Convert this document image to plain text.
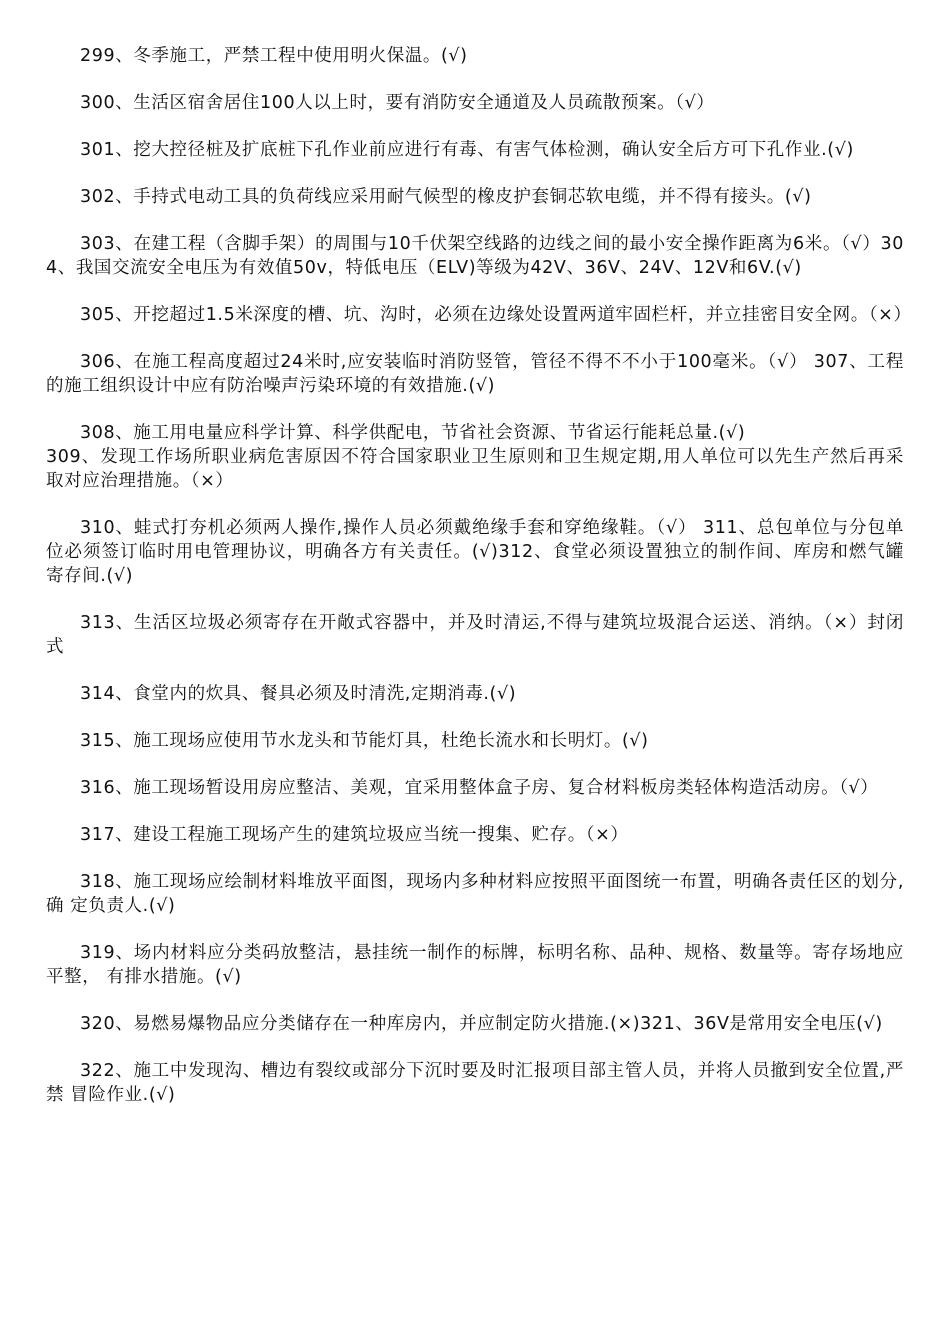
299、冬季施工，严禁工程中使用明火保温。(√)

300、生活区宿舍居住100人以上时，要有消防安全通道及人员疏散预案。（√）

301、挖大控径桩及扩底桩下孔作业前应进行有毒、有害气体检测，确认安全后方可下孔作业.(√)

302、手持式电动工具的负荷线应采用耐气候型的橡皮护套铜芯软电缆，并不得有接头。(√)

303、在建工程（含脚手架）的周围与10千伏架空线路的边线之间的最小安全操作距离为6米。（√）304、我国交流安全电压为有效值50v，特低电压（ELV)等级为42V、36V、24V、12V和6V.(√)

305、开挖超过1.5米深度的槽、坑、沟时，必须在边缘处设置两道牢固栏杆，并立挂密目安全网。（×）

306、在施工程高度超过24米时,应安装临时消防竖管，管径不得不不小于100毫米。（√） 307、工程的施工组织设计中应有防治噪声污染环境的有效措施.(√)

308、施工用电量应科学计算、科学供配电，节省社会资源、节省运行能耗总量.(√)

309、发现工作场所职业病危害原因不符合国家职业卫生原则和卫生规定期,用人单位可以先生产然后再采 取对应治理措施。（×）

310、蛙式打夯机必须两人操作,操作人员必须戴绝缘手套和穿绝缘鞋。（√） 311、总包单位与分包单位必须签订临时用电管理协议，明确各方有关责任。(√)312、食堂必须设置独立的制作间、库房和燃气罐寄存间.(√)

313、生活区垃圾必须寄存在开敞式容器中，并及时清运,不得与建筑垃圾混合运送、消纳。（×）封闭式

314、食堂内的炊具、餐具必须及时清洗,定期消毒.(√)

315、施工现场应使用节水龙头和节能灯具，杜绝长流水和长明灯。(√)

316、施工现场暂设用房应整洁、美观，宜采用整体盒子房、复合材料板房类轻体构造活动房。（√）

317、建设工程施工现场产生的建筑垃圾应当统一搜集、贮存。（×）

318、施工现场应绘制材料堆放平面图，现场内多种材料应按照平面图统一布置，明确各责任区的划分,确 定负责人.(√)

319、场内材料应分类码放整洁，悬挂统一制作的标牌，标明名称、品种、规格、数量等。寄存场地应平整， 有排水措施。(√)

320、易燃易爆物品应分类储存在一种库房内，并应制定防火措施.(×)321、36V是常用安全电压(√)

322、施工中发现沟、槽边有裂纹或部分下沉时要及时汇报项目部主管人员，并将人员撤到安全位置,严禁 冒险作业.(√)
